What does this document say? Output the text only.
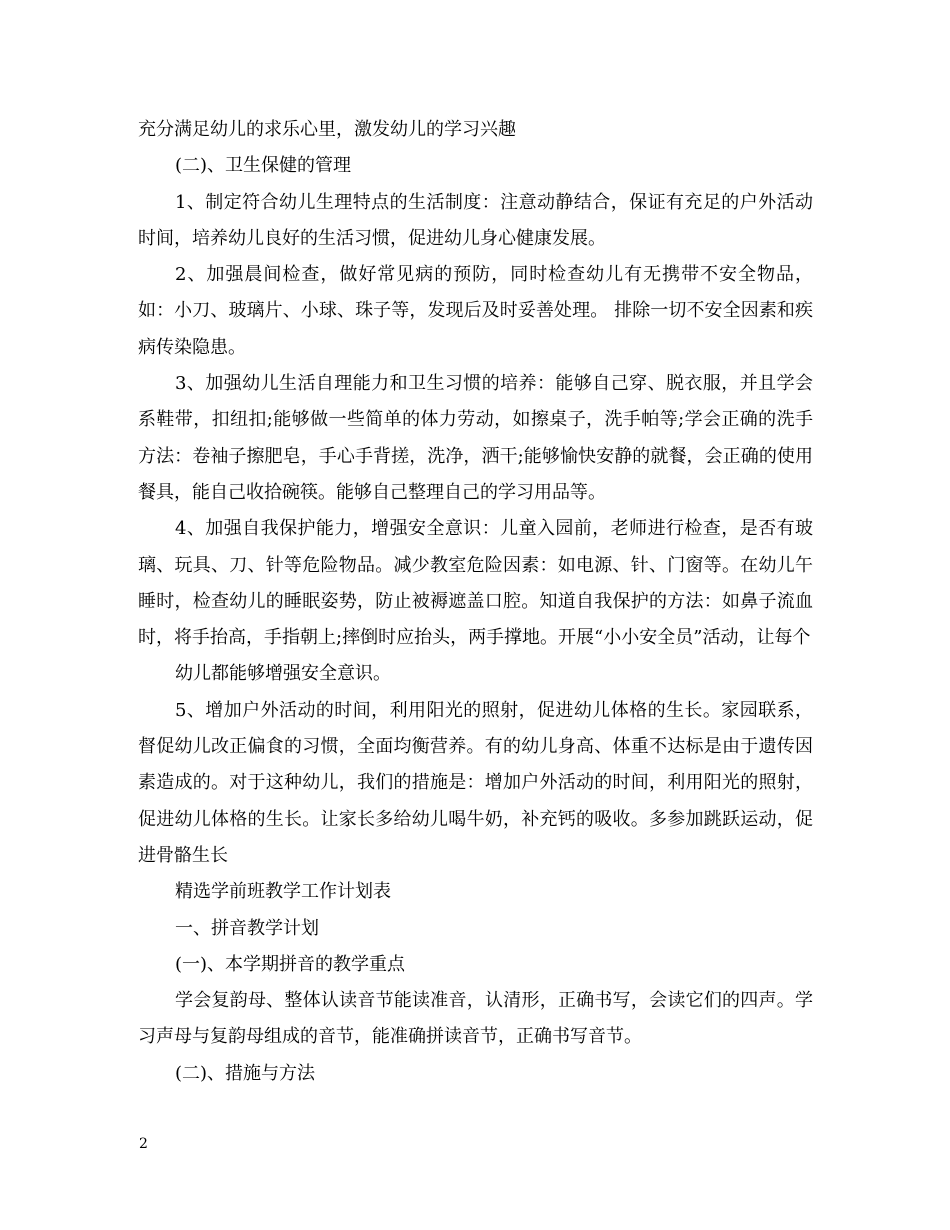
充分满足幼儿的求乐心里，激发幼儿的学习兴趣

(二)、卫生保健的管理

1、制定符合幼儿生理特点的生活制度：注意动静结合，保证有充足的户外活动时间，培养幼儿良好的生活习惯，促进幼儿身心健康发展。

2、加强晨间检查，做好常见病的预防，同时检查幼儿有无携带不安全物品，如：小刀、玻璃片、小球、珠子等，发现后及时妥善处理。 排除一切不安全因素和疾病传染隐患。

3、加强幼儿生活自理能力和卫生习惯的培养：能够自己穿、脱衣服，并且学会系鞋带，扣纽扣;能够做一些简单的体力劳动，如擦桌子，洗手帕等;学会正确的洗手方法：卷袖子擦肥皂，手心手背搓，洗净，洒干;能够愉快安静的就餐，会正确的使用餐具，能自己收拾碗筷。能够自己整理自己的学习用品等。

4、加强自我保护能力，增强安全意识：儿童入园前，老师进行检查，是否有玻璃、玩具、刀、针等危险物品。减少教室危险因素：如电源、针、门窗等。在幼儿午睡时，检查幼儿的睡眠姿势，防止被褥遮盖口腔。知道自我保护的方法：如鼻子流血时，将手抬高，手指朝上;摔倒时应抬头，两手撑地。开展“小小安全员”活动，让每个

幼儿都能够增强安全意识。

5、增加户外活动的时间，利用阳光的照射，促进幼儿体格的生长。家园联系，督促幼儿改正偏食的习惯，全面均衡营养。有的幼儿身高、体重不达标是由于遗传因素造成的。对于这种幼儿，我们的措施是：增加户外活动的时间，利用阳光的照射，促进幼儿体格的生长。让家长多给幼儿喝牛奶，补充钙的吸收。多参加跳跃运动，促进骨骼生长

精选学前班教学工作计划表

一、拼音教学计划

(一)、本学期拼音的教学重点

学会复韵母、整体认读音节能读准音，认清形，正确书写，会读它们的四声。学习声母与复韵母组成的音节，能准确拼读音节，正确书写音节。

(二)、措施与方法

2
